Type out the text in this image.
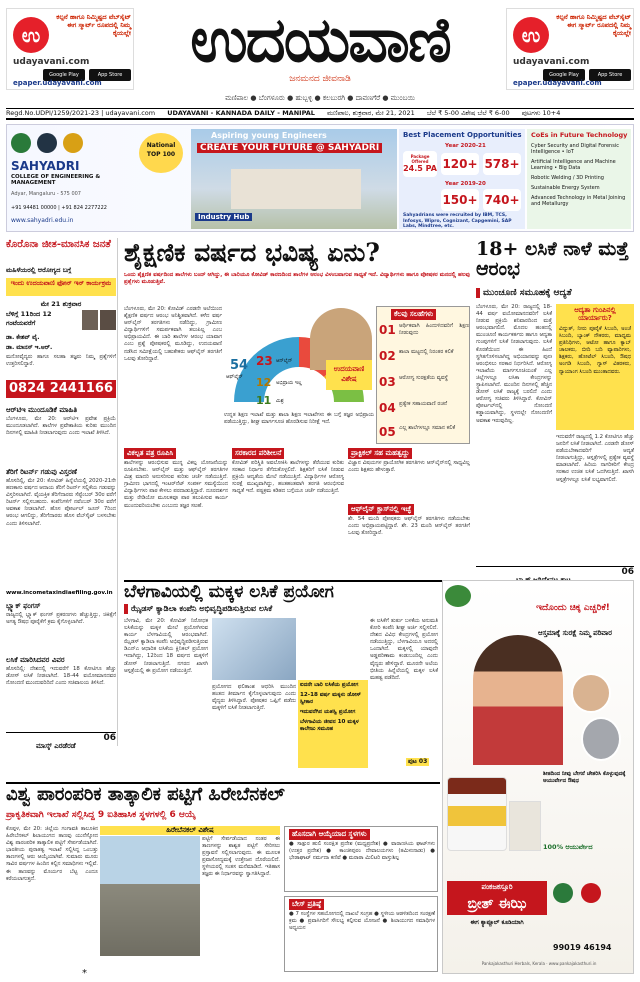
ಉ
ಕಲ್ಪನೆ ಹಾಗೂ ನಿಮ್ಮಿಷ್ಟದ ವೆಬ್‌ಸೈಟ್‌ ಈಗ ಸ್ಮಾರ್ಟ್‌ ರೂಪದಲ್ಲಿ ನಿಮ್ಮ ಕೈಯಲ್ಲೇ
udayavani.com
Google Play	App Store
epaper.udayavani.com
ಉ
ಕಲ್ಪನೆ ಹಾಗೂ ನಿಮ್ಮಿಷ್ಟದ ವೆಬ್‌ಸೈಟ್‌ ಈಗ ಸ್ಮಾರ್ಟ್‌ ರೂಪದಲ್ಲಿ ನಿಮ್ಮ ಕೈಯಲ್ಲೇ
udayavani.com
Google Play	App Store
epaper.udayavani.com
ಉದಯವಾಣಿ
ಜನಮನದ ಜೀವನಾಡಿ
ಮಣಿಪಾಲ ● ಬೆಂಗಳೂರು ● ಹುಬ್ಬಳ್ಳಿ ● ಕಲಬುರಗಿ ● ದಾವಣಗೆರೆ ● ಮುಂಬಯಿ
Regd.No.UDPI/1259/2021-23 | udayavani.com UDAYAVANI - KANNADA DAILY - MANIPAL ಮಣಿಪಾಲ, ಶುಕ್ರವಾರ, ಮೇ 21, 2021 ಬೆಲೆ ₹ 5-00 ವಿಶೇಷ ಬೆಲೆ ₹ 6-00 ಪುಟಗಳು 10+4
SAHYADRI
COLLEGE OF ENGINEERING & MANAGEMENT
Adyar, Mangaluru - 575 007
+91 94481 00000 | +91 824 2277222
www.sahyadri.edu.in
National TOP 100
Aspiring young Engineers
CREATE YOUR FUTURE @ SAHYADRI
Industry Hub
Best Placement Opportunities
Year 2020-21
Package Offered
24.5 PA 120+ 578+
Year 2019-20
150+ 740+
Sahyadrians were recruited by IBM, TCS, Infosys, Wipro, Cognizant, Capgemini, SAP Labs, Mindtree, etc.
CoEs in Future Technology
Cyber Security and Digital Forensic Intelligence • IoT
Artificial Intelligence and Machine Learning • Big Data
Robotic Welding / 3D Printing
Sustainable Energy System
Advanced Technology in Metal Joining and Metallurgy
ಕೊರೊನಾ ಜೀತ-ಮಾನಸಿಕ ಜನತೆ
ಮಹಿಳೆಯರಲ್ಲಿ ಆರೋಗ್ಯದ ಬಗ್ಗೆ
ಇಂದು ಉದಯವಾಣಿ ಫೋನ್‌ ಇನ್‌ ಕಾರ್ಯಕ್ರಮ
ಮೇ 21 ಶುಕ್ರವಾರ
ಬೆಳಿಗ್ಗೆ 11ರಿಂದ 12 ಗಂಟೆಯವರೆಗೆ
ಡಾ. ಕೇಶವ್ ವೈ.
ಡಾ. ಮಾನಸ್ ಇ.ಆರ್.
ಮನೋವೈದ್ಯರು ಹಾಗೂ ಸಲಹಾ ತಜ್ಞರು ನಿಮ್ಮ ಪ್ರಶ್ನೆಗಳಿಗೆ ಉತ್ತರಿಸಲಿದ್ದಾರೆ.
0824 2441166
ಆರ್‌ಟಿಇ ಮುಂದೂಡಿಕೆ ಮಾಹಿತಿ
ಬೆಂಗಳೂರು, ಮೇ 20: ಆರ್‌ಟಿಇ ಪ್ರವೇಶ ಪ್ರಕ್ರಿಯೆ ಮುಂದೂಡಲಾಗಿದೆ. ಶಾಲೆಗಳ ಪ್ರವೇಶಾತಿಯ ಕುರಿತು ಮುಂದಿನ ದಿನಗಳಲ್ಲಿ ಮಾಹಿತಿ ನೀಡಲಾಗುವುದು ಎಂದು ಇಲಾಖೆ ತಿಳಿಸಿದೆ.
ತೆರಿಗೆ ರಿಟರ್ನ್ ಗಡುವು ವಿಸ್ತರಣೆ
ಹೊಸದಿಲ್ಲಿ, ಮೇ 20: ಕೋವಿಡ್ ಹಿನ್ನೆಲೆಯಲ್ಲಿ 2020-21ನೇ ಹಣಕಾಸು ವರ್ಷದ ಆದಾಯ ತೆರಿಗೆ ರಿಟರ್ನ್ ಸಲ್ಲಿಕೆಯ ಗಡುವನ್ನು ವಿಸ್ತರಿಸಲಾಗಿದೆ. ವೈಯಕ್ತಿಕ ತೆರಿಗೆದಾರರು ಸೆಪ್ಟೆಂಬರ್ 30ರ ವರೆಗೆ ರಿಟರ್ನ್ ಸಲ್ಲಿಸಬಹುದು. ಕಂಪೆನಿಗಳಿಗೆ ನವೆಂಬರ್ 30ರ ವರೆಗೆ ಅವಕಾಶ ನೀಡಲಾಗಿದೆ. ಹೊಸ ಪೋರ್ಟಲ್ ಜೂನ್ 7ರಿಂದ ಆರಂಭ ಆಗಲಿದ್ದು, ತೆರಿಗೆದಾರರು ಹೊಸ ವೆಬ್‌ಸೈಟ್ ಬಳಸಬೇಕು ಎಂದು ತಿಳಿಸಲಾಗಿದೆ.
www.incometaxindiaefiling.gov.in
ಬ್ಲ್ಯಾಕ್ ಫಂಗಸ್
ರಾಜ್ಯದಲ್ಲಿ ಬ್ಲ್ಯಾಕ್ ಫಂಗಸ್ ಪ್ರಕರಣಗಳು ಹೆಚ್ಚುತ್ತಿದ್ದು, ಚಿಕಿತ್ಸೆಗೆ ಅಗತ್ಯ ಔಷಧ ಪೂರೈಕೆಗೆ ಕ್ರಮ ಕೈಗೊಳ್ಳಲಾಗಿದೆ.
ಲಸಿಕೆ ಮಾರಿಸಿದವರ ವಿವರ
ಹೊಸದಿಲ್ಲಿ: ದೇಶದಲ್ಲಿ ಇದುವರೆಗೆ 18 ಕೋಟಿಗೂ ಹೆಚ್ಚು ಡೋಸ್ ಲಸಿಕೆ ನೀಡಲಾಗಿದೆ. 18-44 ವಯೋಮಾನದವರ ನೋಂದಣಿ ಮುಂದುವರಿದಿದೆ ಎಂದು ಸಚಿವಾಲಯ ತಿಳಿಸಿದೆ.
ಮಾಸ್ಕ್ ಎರಡೆರಡೆ
06
ಶೈಕ್ಷಣಿಕ ವರ್ಷದ ಭವಿಷ್ಯ ಏನು?
ಒಂದು ಶೈಕ್ಷಣಿಕ ವರ್ಷದಿಂದ ಶಾಲೆಗಳು ಬಂದ್‌ ಆಗಿದ್ದು, ಈ ಬಾರಿಯೂ ಕೋವಿಡ್ ಕಾರಣದಿಂದ ಶಾಲೆಗಳ ಆರಂಭ ವಿಳಂಬವಾಗುವ ಸಾಧ್ಯತೆ ಇದೆ. ವಿದ್ಯಾರ್ಥಿಗಳು ಹಾಗೂ ಪೋಷಕರ ಮನದಲ್ಲಿ ಹಲವು ಪ್ರಶ್ನೆಗಳು ಮೂಡುತ್ತಿವೆ.
ಬೆಂಗಳೂರು, ಮೇ 20: ಕೋವಿಡ್ ಎರಡನೇ ಅಲೆಯಿಂದ ಶೈಕ್ಷಣಿಕ ವರ್ಷದ ಆರಂಭ ಅನಿಶ್ಚಿತವಾಗಿದೆ. ಕಳೆದ ವರ್ಷ ಆನ್‌ಲೈನ್ ತರಗತಿಗಳು ನಡೆದಿದ್ದು, ಗ್ರಾಮೀಣ ವಿದ್ಯಾರ್ಥಿಗಳಿಗೆ ಸಮರ್ಪಕವಾಗಿ ತಲುಪಿಲ್ಲ ಎಂಬ ಅಭಿಪ್ರಾಯವಿದೆ. ಈ ಬಾರಿ ಶಾಲೆಗಳ ಆರಂಭ ಯಾವಾಗ ಎಂಬ ಪ್ರಶ್ನೆ ಪೋಷಕರಲ್ಲಿ ಮೂಡಿದ್ದು, ಉದಯವಾಣಿ ನಡೆಸಿದ ಸಮೀಕ್ಷೆಯಲ್ಲಿ ಬಹುತೇಕರು ಆಫ್‌ಲೈನ್ ತರಗತಿಗೆ ಒಲವು ತೋರಿದ್ದಾರೆ.	54 23
12
11
ಆಫ್‌ಲೈನ್
ಆನ್‌ಲೈನ್
ಅಭಿಪ್ರಾಯ ಇಲ್ಲ
ಮಿಶ್ರ
ಉದಯವಾಣಿ ವಿಶೇಷ
ಕೆಲವು ಸಲಹೆಗಳು
01 ಆರ್ಥಿಕವಾಗಿ ಹಿಂದುಳಿದವರಿಗೆ ಶಿಕ್ಷಣ ನೀಡುವುದು
02 ಶಾಲಾ ಮಟ್ಟದಲ್ಲಿ ನಿರಂತರ ಕಲಿಕೆ
03 ಆರೋಗ್ಯ ಸುರಕ್ಷತೆಯ ವ್ಯವಸ್ಥೆ
04 ಪ್ರತ್ಯೇಕ ಸಹಾಯವಾಣಿ ರಚನೆ
05 ಎಲ್ಲ ಶಾಲೆಗಳಲ್ಲೂ ಸಮಾನ ಕಲಿಕೆ
ಉನ್ನತ ಶಿಕ್ಷಣ ಇಲಾಖೆ ಮತ್ತು ಶಾಲಾ ಶಿಕ್ಷಣ ಇಲಾಖೆಗಳು ಈ ಬಗ್ಗೆ ತಜ್ಞರ ಅಭಿಪ್ರಾಯ ಪಡೆಯುತ್ತಿದ್ದು, ಶೀಘ್ರ ಮಾರ್ಗಸೂಚಿ ಹೊರಡಿಸುವ ನಿರೀಕ್ಷೆ ಇದೆ.
ವಿಕಲ್ಪತ ಪತ್ರ ರೂಪಿಸಿ
ಶಾಲೆಗಳನ್ನು ಆರಂಭಿಸುವ ಮುನ್ನ ವಿಕಲ್ಪ ಯೋಜನೆಯನ್ನು ರೂಪಿಸಬೇಕು. ಆನ್‌ಲೈನ್ ಮತ್ತು ಆಫ್‌ಲೈನ್ ತರಗತಿಗಳ ಮಿಶ್ರ ಮಾದರಿ ಅನುಸರಿಸುವ ಕುರಿತು ಚರ್ಚೆ ನಡೆಯುತ್ತಿದೆ. ಗ್ರಾಮೀಣ ಭಾಗದಲ್ಲಿ ಇಂಟರ್‌ನೆಟ್ ಸಂಪರ್ಕ ಸಮಸ್ಯೆಯಿಂದ ವಿದ್ಯಾರ್ಥಿಗಳು ಪಾಠ ಕೇಳಲು ಪರದಾಡುತ್ತಿದ್ದಾರೆ. ದೂರದರ್ಶನ ಮತ್ತು ರೇಡಿಯೋ ಮೂಲಕವೂ ಪಾಠ ತಲುಪಿಸುವ ಕಾರ್ಯ ಮುಂದುವರಿಯಬೇಕು ಎಂಬುದು ತಜ್ಞರ ಸಲಹೆ.
ಸರಕಾರದ ಪರಿಶೀಲನೆ
ಕೋವಿಡ್ ಪರಿಸ್ಥಿತಿ ಅವಲೋಕಿಸಿ ಶಾಲೆಗಳನ್ನು ತೆರೆಯುವ ಕುರಿತು ಸರಕಾರ ನಿರ್ಧಾರ ತೆಗೆದುಕೊಳ್ಳಲಿದೆ. ಶಿಕ್ಷಕರಿಗೆ ಲಸಿಕೆ ನೀಡುವ ಪ್ರಕ್ರಿಯೆ ಆದ್ಯತೆಯ ಮೇಲೆ ನಡೆಯುತ್ತಿದೆ. ವಿದ್ಯಾರ್ಥಿಗಳ ಆರೋಗ್ಯ ಸುರಕ್ಷೆ ಮುಖ್ಯವಾಗಿದ್ದು, ಹಂತಹಂತವಾಗಿ ತರಗತಿ ಆರಂಭಿಸುವ ಸಾಧ್ಯತೆ ಇದೆ. ಪಠ್ಯಕ್ರಮ ಕಡಿತದ ಬಗ್ಗೆಯೂ ಚರ್ಚೆ ನಡೆಯುತ್ತಿದೆ.
ಪ್ರಾಕ್ಟಿಕಲ್ ಸಹ ಮಹತ್ವದ್ದು
ವಿಜ್ಞಾನ ವಿಷಯಗಳ ಪ್ರಾಯೋಗಿಕ ತರಗತಿಗಳು ಆನ್‌ಲೈನ್‌ನಲ್ಲಿ ಸಾಧ್ಯವಿಲ್ಲ ಎಂದು ಶಿಕ್ಷಕರು ಹೇಳುತ್ತಾರೆ.
ಆಫ್‌ಲೈನ್ ಕ್ಲಾಸ್‌ನಲ್ಲಿ ಇಚ್ಛೆ
ಶೇ. 54 ಮಂದಿ ಪೋಷಕರು ಆಫ್‌ಲೈನ್ ತರಗತಿಗಳು ನಡೆಯಬೇಕು ಎಂದು ಅಭಿಪ್ರಾಯಪಟ್ಟಿದ್ದಾರೆ. ಶೇ. 23 ಮಂದಿ ಆನ್‌ಲೈನ್ ತರಗತಿಗೆ ಒಲವು ತೋರಿದ್ದಾರೆ.
18+ ಲಸಿಕೆ ನಾಳೆ ಮತ್ತೆ ಆರಂಭ
ಮುಂಚೂಣಿ ಸಮೂಹಕ್ಕೆ ಆದ್ಯತೆ
ಬೆಂಗಳೂರು, ಮೇ 20: ರಾಜ್ಯದಲ್ಲಿ 18-44 ವರ್ಷ ವಯೋಮಾನದವರಿಗೆ ಲಸಿಕೆ ನೀಡುವ ಪ್ರಕ್ರಿಯೆ ಶನಿವಾರದಿಂದ ಮತ್ತೆ ಆರಂಭವಾಗಲಿದೆ. ಮೊದಲ ಹಂತದಲ್ಲಿ ಮುಂಚೂಣಿ ಕಾರ್ಯಕರ್ತರು ಹಾಗೂ ಆದ್ಯತಾ ಗುಂಪುಗಳಿಗೆ ಲಸಿಕೆ ನೀಡಲಾಗುವುದು. ಲಸಿಕೆ ಕೊರತೆಯಿಂದ ಈ ಹಿಂದೆ ಸ್ಥಗಿತಗೊಳಿಸಲಾಗಿದ್ದ ಅಭಿಯಾನವನ್ನು ಪುನಃ ಆರಂಭಿಸಲು ಸರಕಾರ ನಿರ್ಧರಿಸಿದೆ. ಆರೋಗ್ಯ ಇಲಾಖೆಯ ಮಾರ್ಗಸೂಚಿಯಂತೆ ಎಲ್ಲ ಜಿಲ್ಲೆಗಳಲ್ಲೂ ಲಸಿಕಾ ಕೇಂದ್ರಗಳನ್ನು ಸ್ಥಾಪಿಸಲಾಗಿದೆ. ಮುಂದಿನ ದಿನಗಳಲ್ಲಿ ಹೆಚ್ಚಿನ ಡೋಸ್ ಲಸಿಕೆ ರಾಜ್ಯಕ್ಕೆ ಬರಲಿದೆ ಎಂದು ಆರೋಗ್ಯ ಸಚಿವರು ತಿಳಿಸಿದ್ದಾರೆ. ಕೋವಿನ್ ಪೋರ್ಟಲ್‌ನಲ್ಲಿ ನೋಂದಣಿ ಕಡ್ಡಾಯವಾಗಿದ್ದು, ಸ್ಥಳದಲ್ಲೇ ನೋಂದಣಿಗೆ ಅವಕಾಶ ಇರುವುದಿಲ್ಲ.
ಆದ್ಯತಾ ಗುಂಪಿನಲ್ಲಿ ಯಾರ್ಯಾರು?
ವಿದ್ಯುತ್, ನೀರು ಪೂರೈಕೆ ಸಿಬಂದಿ, ಅಂಚೆ ಸಿಬಂದಿ, ಬ್ಯಾಂಕ್ ನೌಕರರು, ಮಾಧ್ಯಮ ಪ್ರತಿನಿಧಿಗಳು, ಆಟೋ ಹಾಗೂ ಕ್ಯಾಬ್ ಚಾಲಕರು, ಬೀದಿ ಬದಿ ವ್ಯಾಪಾರಿಗಳು, ಶಿಕ್ಷಕರು, ಹೋಟೆಲ್ ಸಿಬಂದಿ, ಔಷಧ ಅಂಗಡಿ ಸಿಬಂದಿ, ಗ್ಯಾಸ್ ವಿತರಕರು, ನ್ಯಾಯಾಂಗ ಸಿಬಂದಿ ಮುಂತಾದವರು.
ಇದುವರೆಗೆ ರಾಜ್ಯದಲ್ಲಿ 1.2 ಕೋಟಿಗೂ ಹೆಚ್ಚು ಜನರಿಗೆ ಲಸಿಕೆ ನೀಡಲಾಗಿದೆ. ಎರಡನೇ ಡೋಸ್ ಪಡೆಯಬೇಕಾದವರಿಗೆ ಆದ್ಯತೆ ನೀಡಲಾಗುತ್ತಿದ್ದು, ಆಸ್ಪತ್ರೆಗಳಲ್ಲಿ ಪ್ರತ್ಯೇಕ ವ್ಯವಸ್ಥೆ ಮಾಡಲಾಗಿದೆ. ಹಿರಿಯ ನಾಗರಿಕರಿಗೆ ಕೇಂದ್ರ ಸರಕಾರ ಉಚಿತ ಲಸಿಕೆ ಒದಗಿಸುತ್ತಿದೆ. ಖಾಸಗಿ ಆಸ್ಪತ್ರೆಗಳಲ್ಲೂ ಲಸಿಕೆ ಲಭ್ಯವಾಗಲಿದೆ.
06
ಬೆಳಗಾವಿಯಲ್ಲಿ ಮಕ್ಕಳ ಲಸಿಕೆ ಪ್ರಯೋಗ
ಝೈಡಸ್ ಕ್ಯಾಡಿಲಾ ಕಂಪೆನಿ ಅಭಿವೃದ್ಧಿಪಡಿಸುತ್ತಿರುವ ಲಸಿಕೆ
ಬೆಳಗಾವಿ, ಮೇ 20: ಕೋವಿಡ್ ನಿರೋಧಕ ಲಸಿಕೆಯನ್ನು ಮಕ್ಕಳ ಮೇಲೆ ಪ್ರಯೋಗಿಸುವ ಕಾರ್ಯ ಬೆಳಗಾವಿಯಲ್ಲಿ ಆರಂಭವಾಗಿದೆ. ಝೈಡಸ್ ಕ್ಯಾಡಿಲಾ ಕಂಪೆನಿ ಅಭಿವೃದ್ಧಿಪಡಿಸುತ್ತಿರುವ ಡಿಎನ್‌ಎ ಆಧಾರಿತ ಲಸಿಕೆಯ ಕ್ಲಿನಿಕಲ್ ಪ್ರಯೋಗ ಇದಾಗಿದ್ದು, 12ರಿಂದ 18 ವರ್ಷದ ಮಕ್ಕಳಿಗೆ ಡೋಸ್ ನೀಡಲಾಗುತ್ತಿದೆ. ನಗರದ ಖಾಸಗಿ ಆಸ್ಪತ್ರೆಯಲ್ಲಿ ಈ ಪ್ರಯೋಗ ನಡೆಯುತ್ತಿದೆ.
ಪ್ರಯೋಗದ ಫಲಿತಾಂಶ ಆಧರಿಸಿ ಮುಂದಿನ ಹಂತದ ತೀರ್ಮಾನ ಕೈಗೊಳ್ಳಲಾಗುವುದು ಎಂದು ವೈದ್ಯರು ತಿಳಿಸಿದ್ದಾರೆ. ಪೋಷಕರ ಒಪ್ಪಿಗೆ ಪಡೆದು ಮಕ್ಕಳಿಗೆ ಲಸಿಕೆ ನೀಡಲಾಗುತ್ತಿದೆ.
ಐದನೇ ಬಾರಿ ಲಸಿಕೆಯ ಪ್ರಯೋಗ
12-18 ವರ್ಷ ಮಕ್ಕಳು ಡೋಸ್ ಸ್ವೀಕಾರ
ಇದುವರೆಗಿನ ಯಶಸ್ವಿ ಪ್ರಯೋಗ
ಬೆಳಗಾವಿಯ ಜೀವನ 10 ಮಕ್ಕಳ ಕಾಲೇಜು ಸಮೂಹ
ಈ ಲಸಿಕೆಗೆ ತುರ್ತು ಬಳಕೆಯ ಅನುಮತಿ ಕೋರಿ ಕಂಪೆನಿ ಶೀಘ್ರ ಅರ್ಜಿ ಸಲ್ಲಿಸಲಿದೆ. ದೇಶದ ವಿವಿಧ ಕೇಂದ್ರಗಳಲ್ಲಿ ಪ್ರಯೋಗ ನಡೆಯುತ್ತಿದ್ದು, ಬೆಳಗಾವಿಯೂ ಅದರಲ್ಲಿ ಒಂದಾಗಿದೆ. ಮಕ್ಕಳಲ್ಲಿ ಯಾವುದೇ ಅಡ್ಡಪರಿಣಾಮ ಕಂಡುಬಂದಿಲ್ಲ ಎಂದು ವೈದ್ಯರು ಹೇಳಿದ್ದಾರೆ. ಮೂರನೇ ಅಲೆಯ ಭೀತಿಯ ಹಿನ್ನೆಲೆಯಲ್ಲಿ ಮಕ್ಕಳ ಲಸಿಕೆ ಮಹತ್ವ ಪಡೆದಿದೆ.
ಪುಟ 03
ಇದೊಂದು ಚಿಕ್ಕ ಎಚ್ಚರಿಕೆ!
ಆಸ್ತಮಾಕ್ಕೆ ಸುರಕ್ಷೆ ನಿಮ್ಮ ಪರಿವಾರ
ಶೀತದಿಂದ ನೀವು ಬೇಗನೆ ಚೇತರಿಸಿ ಕೊಳ್ಳುವುದಕ್ಕೆ ಆಯುರ್ವೇದ ಔಷಧ
100% ಆಯುರ್ವೇದ
ಪಂಕಜಕಸ್ತೂರಿ
ಬ್ರೀತ್ ಈಝಿ
ಈಗ ಕ್ಯಾಪ್ಸೂಲ್ ಕೂಡಿಯಾಗಿ
99019 46194
Pankajakasthuri Herbals, Kerala · www.pankajakasthuri.in
ವಿಶ್ವ ಪಾರಂಪರಿಕ ತಾತ್ಕಾಲಿಕ ಪಟ್ಟಿಗೆ ಹಿರೇಬೆನಕಲ್
ಪ್ರಾಕೃತಿಕವಾಗಿ ಇಲಾಖೆ ಸಲ್ಲಿಸಿದ್ದ 9 ಐತಿಹಾಸಿಕ ಸ್ಥಳಗಳಲ್ಲಿ 6 ಆಯ್ಕೆ
ಕೊಪ್ಪಳ, ಮೇ 20: ಜಿಲ್ಲೆಯ ಗಂಗಾವತಿ ತಾಲೂಕಿನ ಹಿರೇಬೆನಕಲ್ ಶಿಲಾಯುಗದ ತಾಣವು ಯುನೆಸ್ಕೋದ ವಿಶ್ವ ಪಾರಂಪರಿಕ ತಾತ್ಕಾಲಿಕ ಪಟ್ಟಿಗೆ ಸೇರ್ಪಡೆಯಾಗಿದೆ. ಭಾರತೀಯ ಪುರಾತತ್ವ ಇಲಾಖೆ ಸಲ್ಲಿಸಿದ್ದ ಒಂಬತ್ತು ತಾಣಗಳಲ್ಲಿ ಆರು ಆಯ್ಕೆಯಾಗಿವೆ. ಸುಮಾರು ಮೂರು ಸಾವಿರ ವರ್ಷಗಳ ಹಿಂದಿನ ಕಲ್ಲಿನ ಸಮಾಧಿಗಳು ಇಲ್ಲಿವೆ. ಈ ತಾಣವನ್ನು ಮೊರ್ಯರ ಬೆಟ್ಟ ಎಂದೂ ಕರೆಯಲಾಗುತ್ತದೆ.
ಹಿರೇಬೆನಕಲ್ ವಿಶೇಷ
ಪಟ್ಟಿಗೆ ಸೇರ್ಪಡೆಯಾದ ನಂತರ ಈ ತಾಣಗಳನ್ನು ಶಾಶ್ವತ ಪಟ್ಟಿಗೆ ಸೇರಿಸಲು ಪ್ರಸ್ತಾವನೆ ಸಲ್ಲಿಸಲಾಗುವುದು. ಈ ಮೂಲಕ ಪ್ರವಾಸೋದ್ಯಮಕ್ಕೆ ಉತ್ತೇಜನ ದೊರೆಯಲಿದೆ. ಸ್ಥಳೀಯರಲ್ಲಿ ಸಂತಸ ಮನೆಮಾಡಿದೆ. ಇತಿಹಾಸ ತಜ್ಞರು ಈ ನಿರ್ಧಾರವನ್ನು ಸ್ವಾಗತಿಸಿದ್ದಾರೆ.
ಹೊಸದಾಗಿ ಆಯ್ಕೆಯಾದ ಸ್ಥಳಗಳು
● ಸಾತ್ಪುರ ಹುಲಿ ಸಂರಕ್ಷಿತ ಪ್ರದೇಶ (ಮಧ್ಯಪ್ರದೇಶ) ● ವಾರಾಣಸಿಯ ಘಾಟ್‌ಗಳು (ಉತ್ತರ ಪ್ರದೇಶ) ● ಕಾಂಚೀಪುರಂ ದೇವಾಲಯಗಳು (ತಮಿಳುನಾಡು) ● ಭೇಡಾಘಾಟ್ ನರ್ಮದಾ ಕಣಿವೆ ● ಮರಾಠಾ ಮಿಲಿಟರಿ ವಾಸ್ತುಶಿಲ್ಪ
ಬೇಸ್‌ ಪ್ರತಿಷ್ಠೆ
● 7 ಸಂಸ್ಥೆಗಳ ಸಹಯೋಗದಲ್ಲಿ ದಾಖಲೆ ಸಂಗ್ರಹ ● ಸ್ಥಳೀಯ ಆಡಳಿತದಿಂದ ಸಂರಕ್ಷಣೆ ಕ್ರಮ ● ಪ್ರವಾಸಿಗರಿಗೆ ಸೌಲಭ್ಯ ಕಲ್ಪಿಸುವ ಯೋಜನೆ ● ಶಿಲಾಯುಗದ ಸಮಾಧಿಗಳ ಅಧ್ಯಯನ
*
